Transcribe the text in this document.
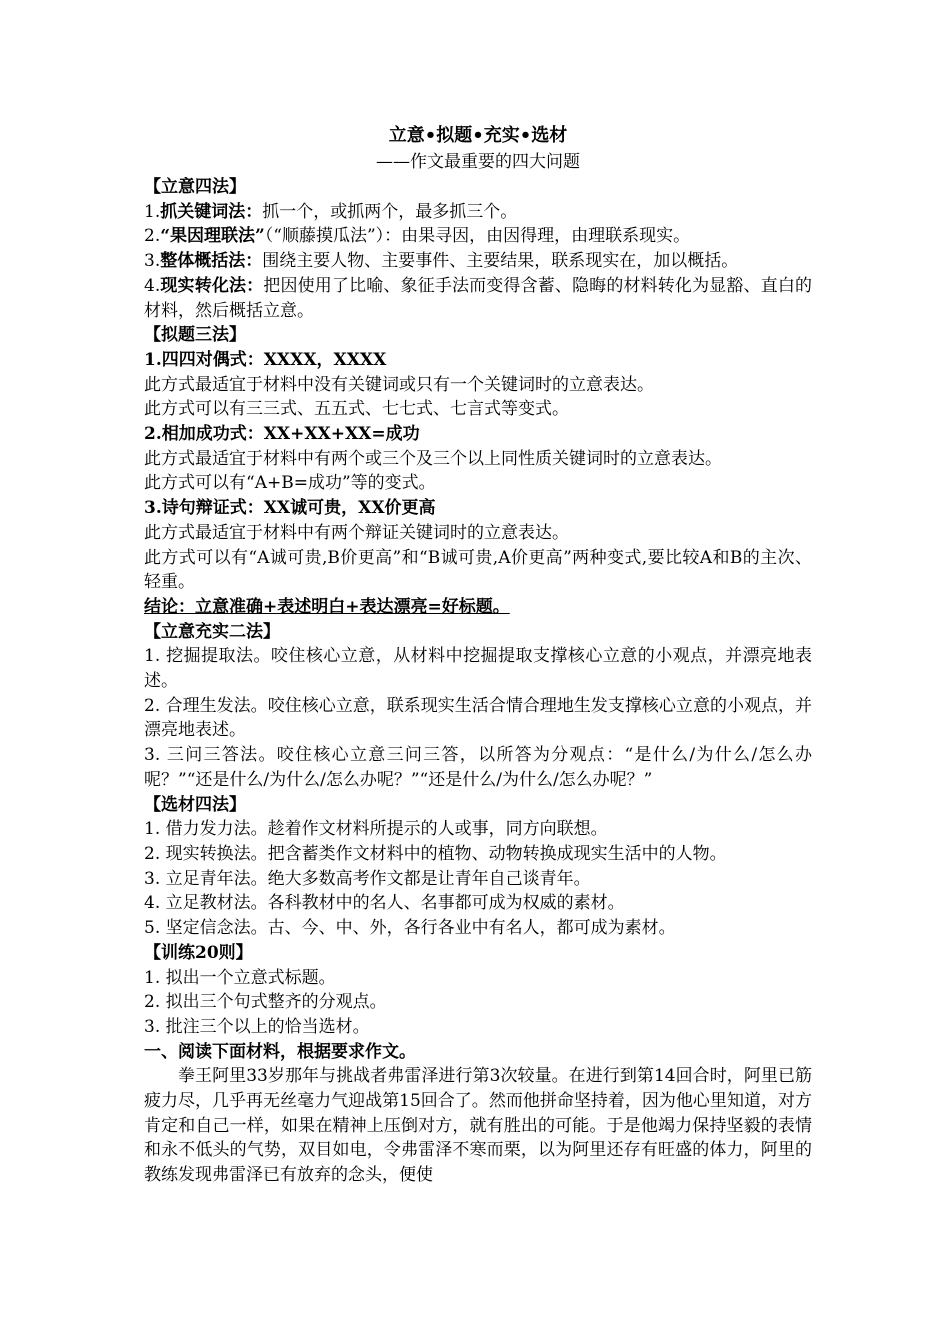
立意•拟题•充实•选材
——作文最重要的四大问题
【立意四法】
1.抓关键词法：抓一个，或抓两个，最多抓三个。
2.“果因理联法”（“顺藤摸瓜法”）：由果寻因，由因得理，由理联系现实。
3.整体概括法：围绕主要人物、主要事件、主要结果，联系现实在，加以概括。
4.现实转化法：把因使用了比喻、象征手法而变得含蓄、隐晦的材料转化为显豁、直白的材料，然后概括立意。
【拟题三法】
1.四四对偶式：XXXX，XXXX
此方式最适宜于材料中没有关键词或只有一个关键词时的立意表达。
此方式可以有三三式、五五式、七七式、七言式等变式。
2.相加成功式：XX+XX+XX=成功
此方式最适宜于材料中有两个或三个及三个以上同性质关键词时的立意表达。
此方式可以有“A+B=成功”等的变式。
3.诗句辩证式：XX诚可贵，XX价更高
此方式最适宜于材料中有两个辩证关键词时的立意表达。
此方式可以有“A诚可贵,B价更高”和“B诚可贵,A价更高”两种变式,要比较A和B的主次、轻重。
结论：立意准确+表述明白+表达漂亮=好标题。
【立意充实二法】
1. 挖掘提取法。咬住核心立意，从材料中挖掘提取支撑核心立意的小观点，并漂亮地表述。
2. 合理生发法。咬住核心立意，联系现实生活合情合理地生发支撑核心立意的小观点，并漂亮地表述。
3. 三问三答法。咬住核心立意三问三答，以所答为分观点：“是什么/为什么/怎么办呢？”“还是什么/为什么/怎么办呢？”“还是什么/为什么/怎么办呢？”
【选材四法】
1. 借力发力法。趁着作文材料所提示的人或事，同方向联想。
2. 现实转换法。把含蓄类作文材料中的植物、动物转换成现实生活中的人物。
3. 立足青年法。绝大多数高考作文都是让青年自己谈青年。
4. 立足教材法。各科教材中的名人、名事都可成为权威的素材。
5. 坚定信念法。古、今、中、外，各行各业中有名人，都可成为素材。
【训练20则】
1. 拟出一个立意式标题。
2. 拟出三个句式整齐的分观点。
3. 批注三个以上的恰当选材。
一、阅读下面材料，根据要求作文。
拳王阿里33岁那年与挑战者弗雷泽进行第3次较量。在进行到第14回合时，阿里已筋疲力尽，几乎再无丝毫力气迎战第15回合了。然而他拼命坚持着，因为他心里知道，对方肯定和自己一样，如果在精神上压倒对方，就有胜出的可能。于是他竭力保持坚毅的表情和永不低头的气势，双目如电，令弗雷泽不寒而栗，以为阿里还存有旺盛的体力，阿里的教练发现弗雷泽已有放弃的念头，便使
